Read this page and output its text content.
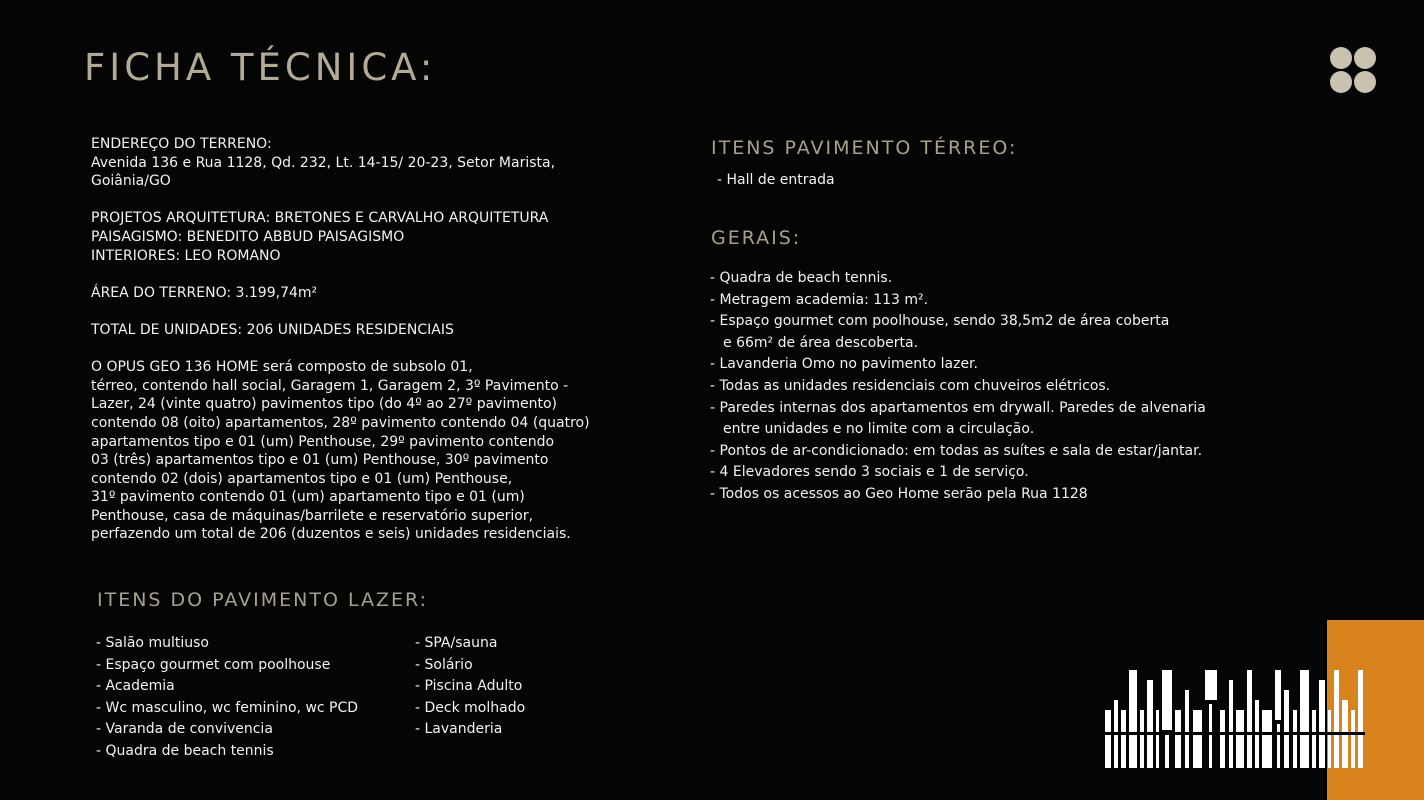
FICHA TÉCNICA:

ENDEREÇO DO TERRENO:
Avenida 136 e Rua 1128, Qd. 232, Lt. 14-15/ 20-23, Setor Marista,
Goiânia/GO

PROJETOS ARQUITETURA: BRETONES E CARVALHO ARQUITETURA
PAISAGISMO: BENEDITO ABBUD PAISAGISMO
INTERIORES: LEO ROMANO

ÁREA DO TERRENO: 3.199,74m²

TOTAL DE UNIDADES: 206 UNIDADES RESIDENCIAIS

O OPUS GEO 136 HOME será composto de subsolo 01,
térreo, contendo hall social, Garagem 1, Garagem 2, 3º Pavimento -
Lazer, 24 (vinte quatro) pavimentos tipo (do 4º ao 27º pavimento)
contendo 08 (oito) apartamentos, 28º pavimento contendo 04 (quatro)
apartamentos tipo e 01 (um) Penthouse, 29º pavimento contendo
03 (três) apartamentos tipo e 01 (um) Penthouse, 30º pavimento
contendo 02 (dois) apartamentos tipo e 01 (um) Penthouse,
31º pavimento contendo 01 (um) apartamento tipo e 01 (um)
Penthouse, casa de máquinas/barrilete e reservatório superior,
perfazendo um total de 206 (duzentos e seis) unidades residenciais.

ITENS DO PAVIMENTO LAZER:
- Salão multiuso
- Espaço gourmet com poolhouse
- Academia
- Wc masculino, wc feminino, wc PCD
- Varanda de convivencia
- Quadra de beach tennis
- SPA/sauna
- Solário
- Piscina Adulto
- Deck molhado
- Lavanderia
ITENS PAVIMENTO TÉRREO:
- Hall de entrada
GERAIS:
- Quadra de beach tennis.
- Metragem academia: 113 m².
- Espaço gourmet com poolhouse, sendo 38,5m2 de área coberta
e 66m² de área descoberta.
- Lavanderia Omo no pavimento lazer.
- Todas as unidades residenciais com chuveiros elétricos.
- Paredes internas dos apartamentos em drywall. Paredes de alvenaria
entre unidades e no limite com a circulação.
- Pontos de ar-condicionado: em todas as suítes e sala de estar/jantar.
- 4 Elevadores sendo 3 sociais e 1 de serviço.
- Todos os acessos ao Geo Home serão pela Rua 1128
